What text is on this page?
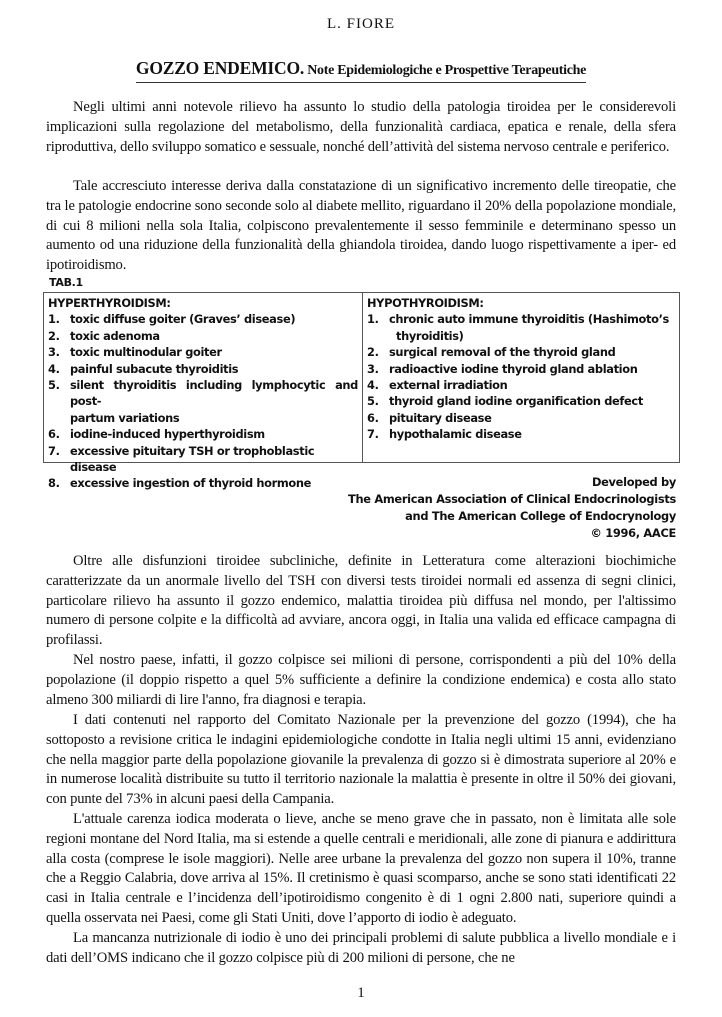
L. FIORE
GOZZO ENDEMICO. Note Epidemiologiche e Prospettive Terapeutiche

Negli ultimi anni notevole rilievo ha assunto lo studio della patologia tiroidea per le considerevoli implicazioni sulla regolazione del metabolismo, della funzionalità cardiaca, epatica e renale, della sfera riproduttiva, dello sviluppo somatico e sessuale, nonché dell’attività del sistema nervoso centrale e periferico.

Tale accresciuto interesse deriva dalla constatazione di un significativo incremento delle tireopatie, che tra le patologie endocrine sono seconde solo al diabete mellito, riguardano il 20% della popolazione mondiale, di cui 8 milioni nella sola Italia, colpiscono prevalentemente il sesso femminile e determinano spesso un aumento od una riduzione della funzionalità della ghiandola tiroidea, dando luogo rispettivamente a iper- ed ipotiroidismo.

TAB.1
HYPERTHYROIDISM:
1. toxic diffuse goiter (Graves’ disease)
2. toxic adenoma
3. toxic multinodular goiter
4. painful subacute thyroiditis
5. silent thyroiditis including lymphocytic and post-
partum variations
6. iodine-induced hyperthyroidism
7. excessive pituitary TSH or trophoblastic disease
8. excessive ingestion of thyroid hormone
HYPOTHYROIDISM:
1. chronic auto immune thyroiditis (Hashimoto’s
thyroiditis)
2. surgical removal of the thyroid gland
3. radioactive iodine thyroid gland ablation
4. external irradiation
5. thyroid gland iodine organification defect
6. pituitary disease
7. hypothalamic disease
Developed by
The American Association of Clinical Endocrinologists
and The American College of Endocrynology
© 1996, AACE

Oltre alle disfunzioni tiroidee subcliniche, definite in Letteratura come alterazioni biochimiche caratterizzate da un anormale livello del TSH con diversi tests tiroidei normali ed assenza di segni clinici, particolare rilievo ha assunto il gozzo endemico, malattia tiroidea più diffusa nel mondo, per l'altissimo numero di persone colpite e la difficoltà ad avviare, ancora oggi, in Italia una valida ed efficace campagna di profilassi.

Nel nostro paese, infatti, il gozzo colpisce sei milioni di persone, corrispondenti a più del 10% della popolazione (il doppio rispetto a quel 5% sufficiente a definire la condizione endemica) e costa allo stato almeno 300 miliardi di lire l'anno, fra diagnosi e terapia.

I dati contenuti nel rapporto del Comitato Nazionale per la prevenzione del gozzo (1994), che ha sottoposto a revisione critica le indagini epidemiologiche condotte in Italia negli ultimi 15 anni, evidenziano che nella maggior parte della popolazione giovanile la prevalenza di gozzo si è dimostrata superiore al 20% e in numerose località distribuite su tutto il territorio nazionale la malattia è presente in oltre il 50% dei giovani, con punte del 73% in alcuni paesi della Campania.

L'attuale carenza iodica moderata o lieve, anche se meno grave che in passato, non è limitata alle sole regioni montane del Nord Italia, ma si estende a quelle centrali e meridionali, alle zone di pianura e addirittura alla costa (comprese le isole maggiori). Nelle aree urbane la prevalenza del gozzo non supera il 10%, tranne che a Reggio Calabria, dove arriva al 15%. Il cretinismo è quasi scomparso, anche se sono stati identificati 22 casi in Italia centrale e l’incidenza dell’ipotiroidismo congenito è di 1 ogni 2.800 nati, superiore quindi a quella osservata nei Paesi, come gli Stati Uniti, dove l’apporto di iodio è adeguato.

La mancanza nutrizionale di iodio è uno dei principali problemi di salute pubblica a livello mondiale e i dati dell’OMS indicano che il gozzo colpisce più di 200 milioni di persone, che ne

1
